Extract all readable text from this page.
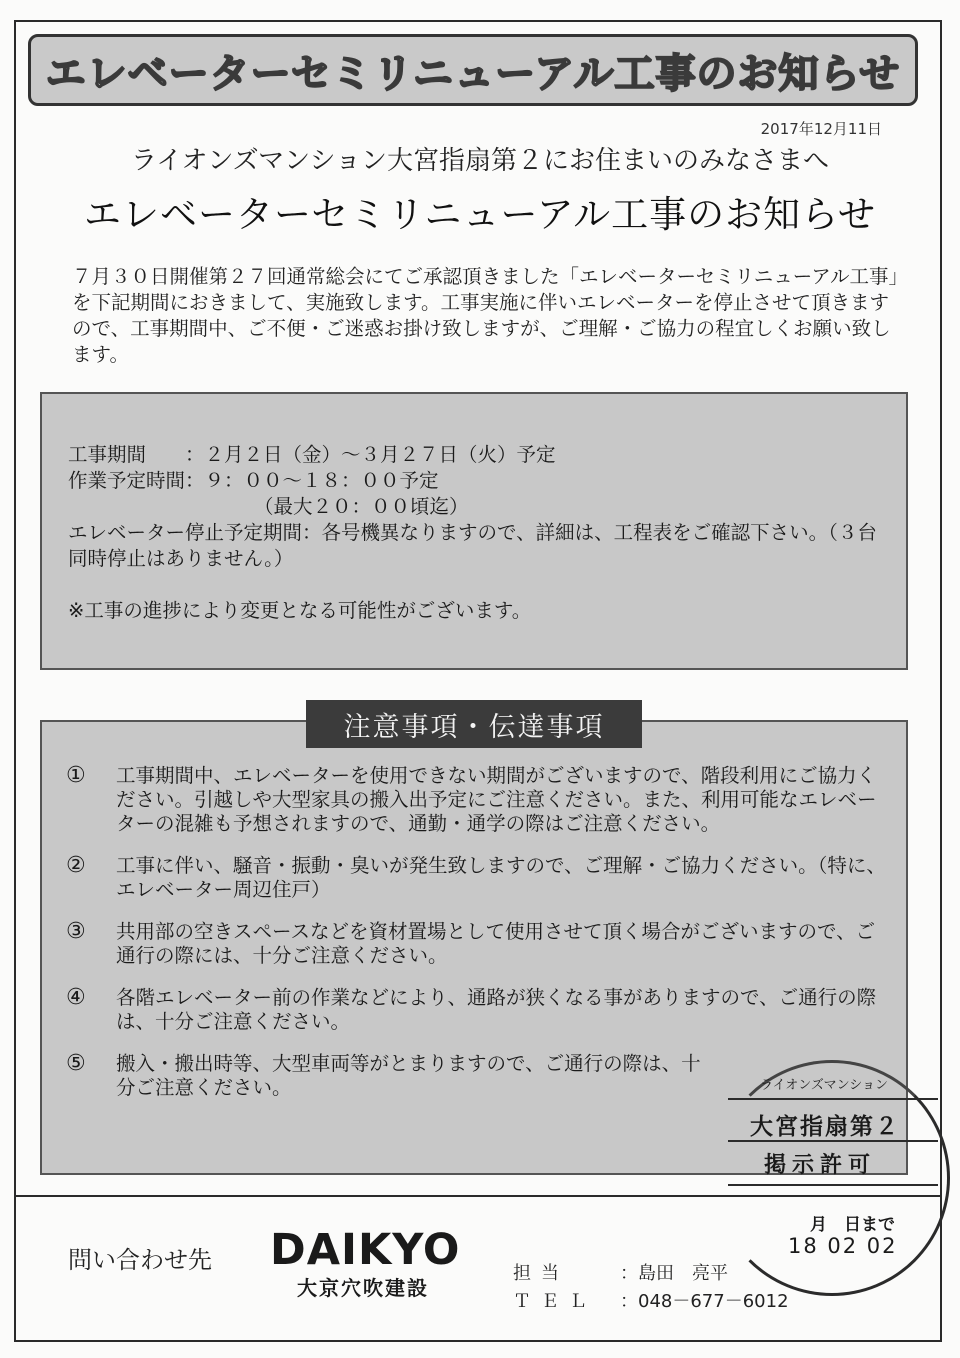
エレベーターセミリニューアル工事のお知らせ
2017年12月11日
ライオンズマンション大宮指扇第２にお住まいのみなさまへ
エレベーターセミリニューアル工事のお知らせ
７月３０日開催第２７回通常総会にてご承認頂きました「エレベーターセミリニューアル工事」を下記期間におきまして、実施致します。工事実施に伴いエレベーターを停止させて頂きますので、工事期間中、ご不便・ご迷惑お掛け致しますが、ご理解・ご協力の程宜しくお願い致します。
工事期間　　：２月２日（金）～３月２７日（火）予定
作業予定時間：９：００～１８：００予定
（最大２０：００頃迄）
エレベーター停止予定期間：各号機異なりますので、詳細は、工程表をご確認下さい。（３台同時停止はありません。）
※工事の進捗により変更となる可能性がございます。
注意事項・伝達事項
①	工事期間中、エレベーターを使用できない期間がございますので、階段利用にご協力ください。引越しや大型家具の搬入出予定にご注意ください。また、利用可能なエレベーターの混雑も予想されますので、通勤・通学の際はご注意ください。
②	工事に伴い、騒音・振動・臭いが発生致しますので、ご理解・ご協力ください。（特に、エレベーター周辺住戸）
③	共用部の空きスペースなどを資材置場として使用させて頂く場合がございますので、ご通行の際には、十分ご注意ください。
④	各階エレベーター前の作業などにより、通路が狭くなる事がありますので、ご通行の際は、十分ご注意ください。
⑤	搬入・搬出時等、大型車両等がとまりますので、ご通行の際は、十分ご注意ください。
問い合わせ先 DAIKYO
大京穴吹建設
担当	：島田　亮平
ＴＥＬ	：048－677－6012
ライオンズマンション
大宮指扇第２
掲示許可
月　日まで
18 02 02
